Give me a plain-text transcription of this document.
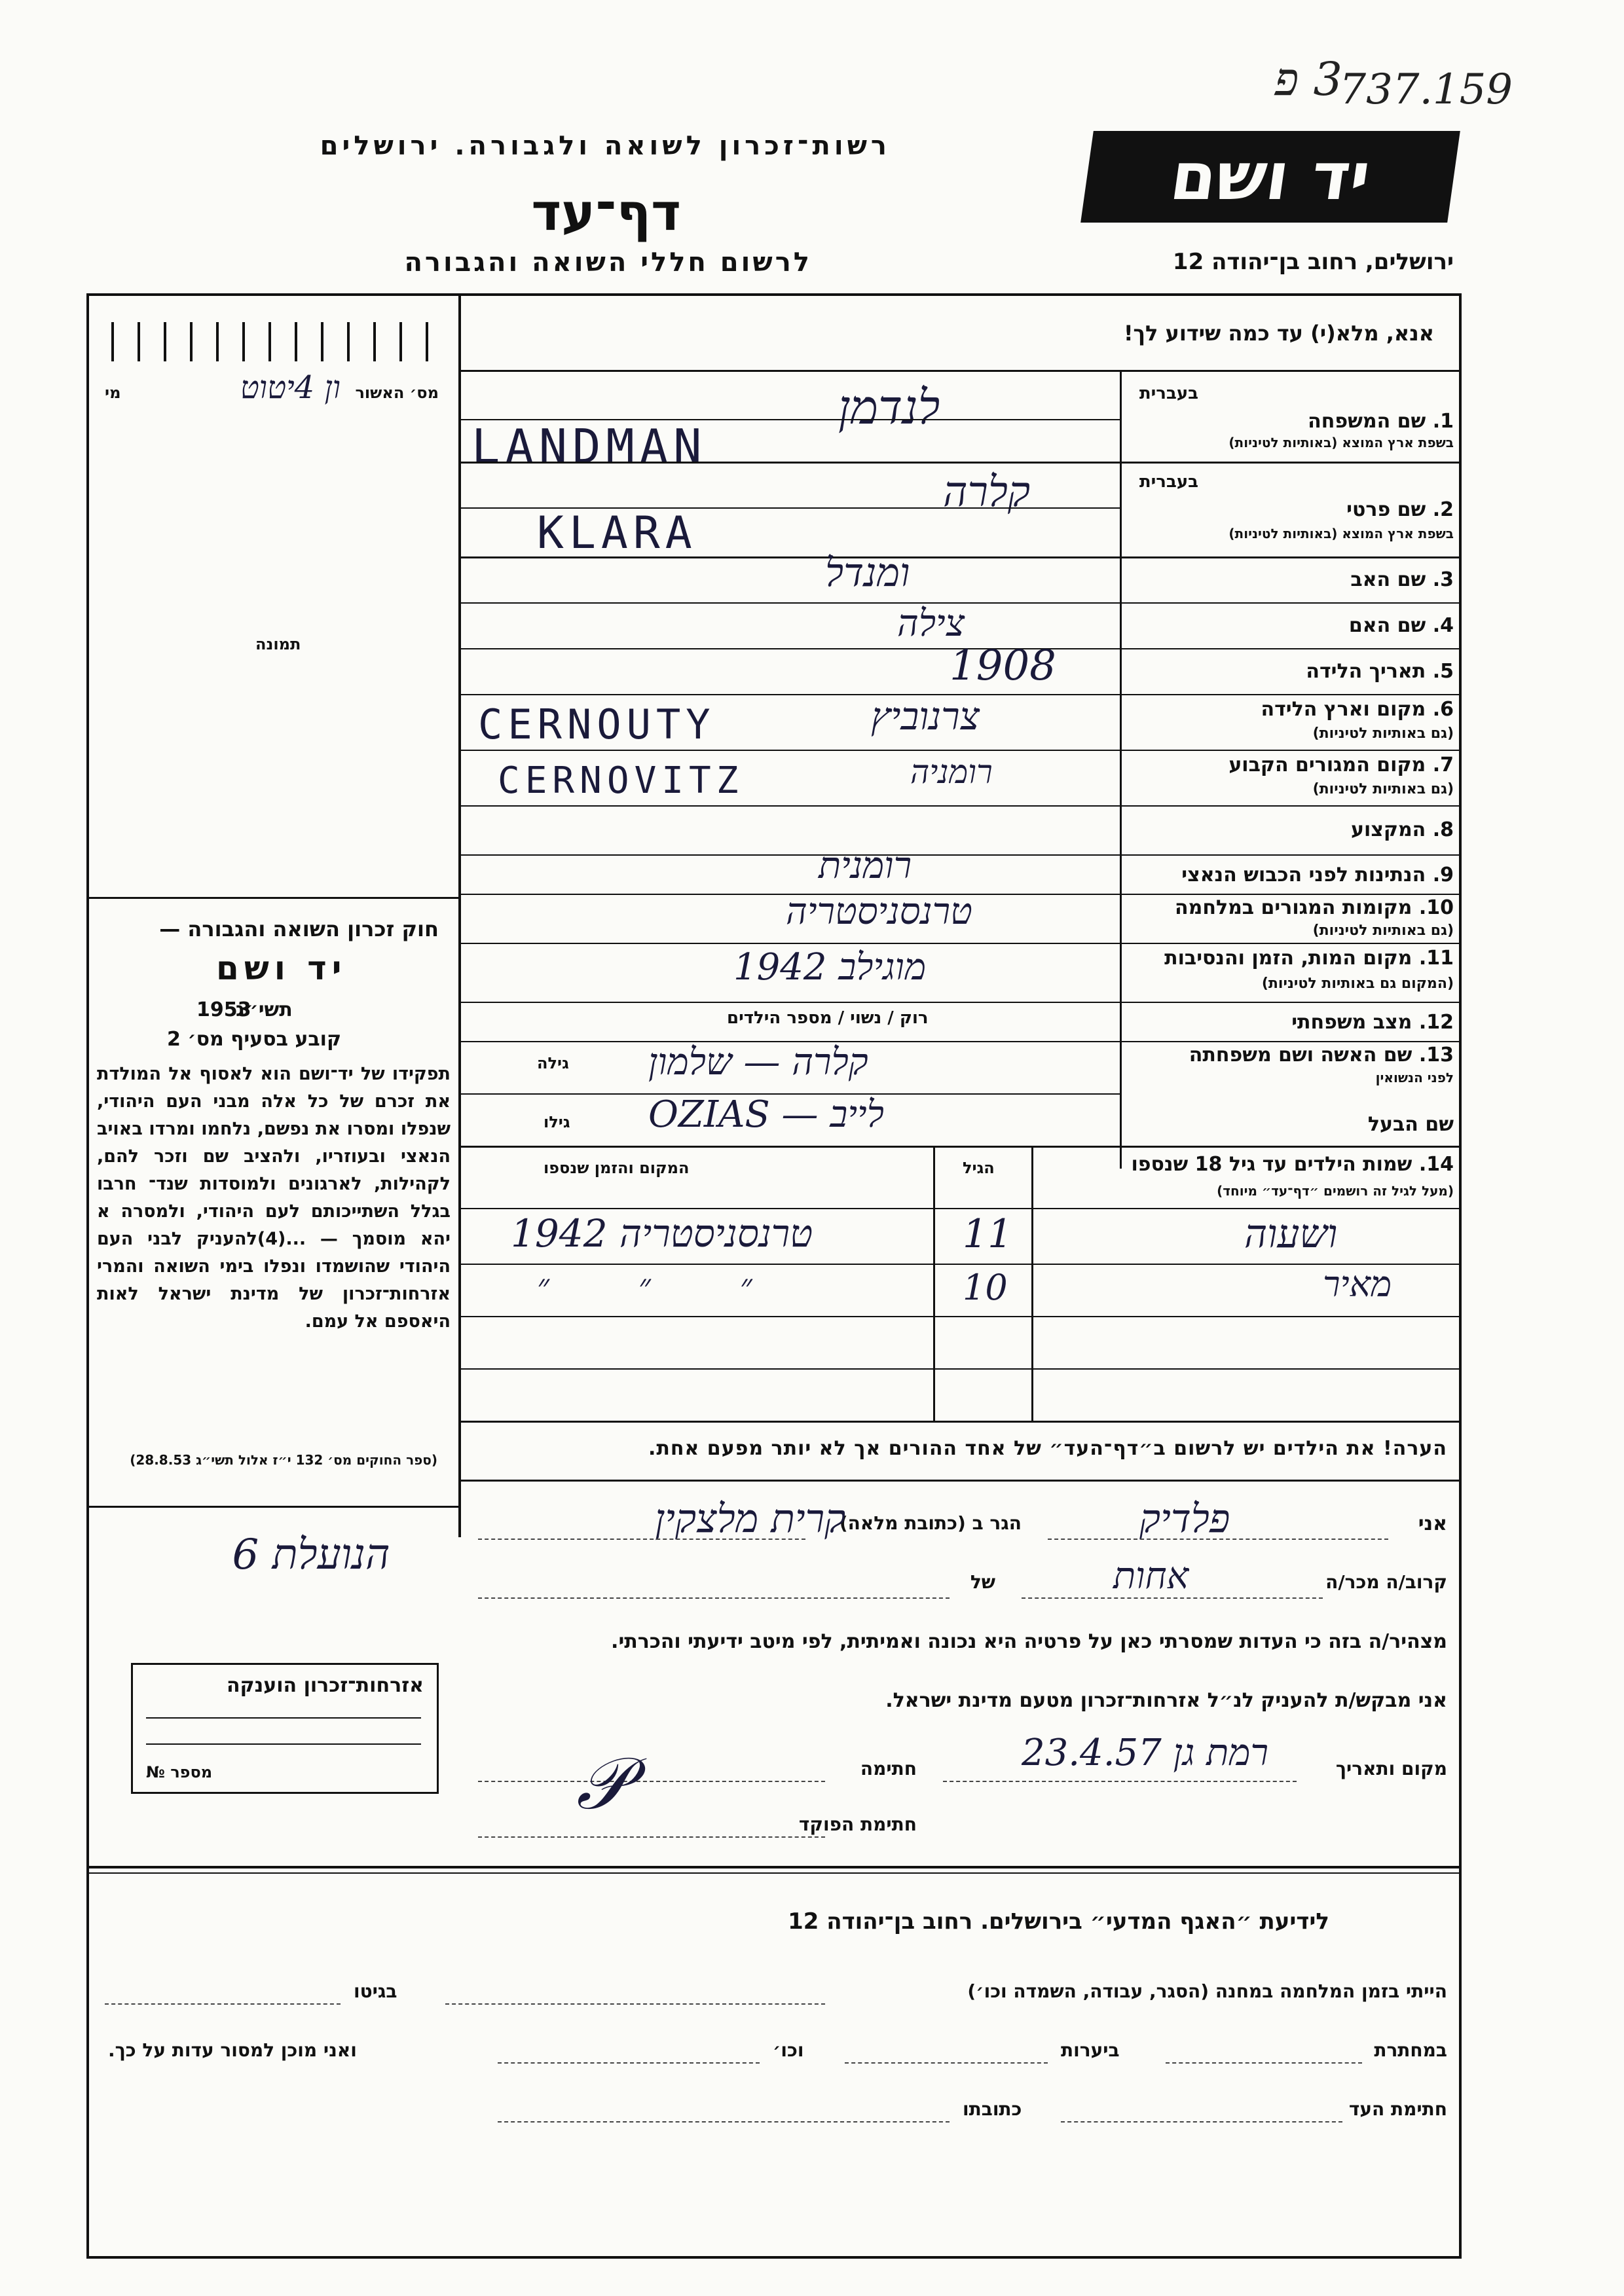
3 פ
737.159
רשות־זכרון לשואה ולגבורה. ירושלים
דף־עד
לרשום חללי השואה והגבורה
יד ושם
ירושלים, רחוב בן־יהודה 12
מס׳ האשור
ון 4יטוט
מי
תמונה
חוק זכרון השואה והגבורה —
יד ושם
תשי״ג
1953
קובע בסעיף מס׳ 2
תפקידו של יד־ושם הוא לאסוף אל המולדת את זכרם של כל אלה מבני העם היהודי, שנפלו ומסרו את נפשם, נלחמו ומרדו באויב הנאצי ובעוזריו, ולהציב שם וזכר להם, לקהילות, לארגונים ולמוסדות שנד־ חרבו בגלל השתייכותם לעם היהודי, ולמסרה א יהא מוסמך — ...(4)להעניק לבני העם היהודי שהושמדו ונפלו בימי השואה והמרי אזרחות־זכרון של מדינת ישראל לאות היאספם אל עמם.
(ספר החוקים מס׳ 132 י״ז אלול תשי״ג 28.8.53)
הנועלת 6
אזרחות־זכרון הוענקה
מספר №
אנא, מלא(י) עד כמה שידוע לך!
בעברית
1. שם המשפחה
בשפת ארץ המוצא (באותיות לטיניות)
לנדמן
LANDMAN
בעברית
2. שם פרטי
בשפת ארץ המוצא (באותיות לטיניות)
קלרה
KLARA
3. שם האב
ומנדל
4. שם האם
צילה
5. תאריך הלידה
1908
6. מקום וארץ הלידה
(גם באותיות לטיניות)
צרנוביץ
CERNOUTY
7. מקום המגורים הקבוע
(גם באותיות לטיניות)
רומניה
CERNOVITZ
8. המקצוע
9. הנתינות לפני הכבוש הנאצי
רומנית
10. מקומות המגורים במלחמה
(גם באותיות לטיניות)
טרנסניסטריה
11. מקום המות, הזמן והנסיבות
(המקום גם באותיות לטיניות)
מוגילב 1942
12. מצב משפחתי
רוק / נשוי / מספר הילדים
13. שם האשה ושם משפחתה
לפני הנשואין
גילה קלרה — שלמון
שם הבעל
גילו לייב — OZIAS
14. שמות הילדים עד גיל 18 שנספו
(מעל לגיל זה רושמים ״דף־עד״ מיוחד)
הגיל
המקום והזמן שנספו
ושעוה
11
טרנסניסטריה 1942
מאיר
10
״ ״ ״
הערה! את הילדים יש לרשום ב״דף־העד״ של אחד ההורים אך לא יותר מפעם אחת.
אני
פלדיק
הגר ב (כתובת מלאה)
קרית מלצקין
קרוב/ה מכר/ה
אחות
של
מצהיר/ה בזה כי העדות שמסרתי כאן על פרטיה היא נכונה ואמיתית, לפי מיטב ידיעתי והכרתי.
אני מבקש/ת להעניק לנ״ל אזרחות־זכרון מטעם מדינת ישראל.
מקום ותאריך
רמת גן 23.4.57
חתימה
𝒫	חתימת הפוקד
לידיעת ״האגף המדעי״ בירושלים. רחוב בן־יהודה 12
הייתי בזמן המלחמה במחנה (הסגר, עבודה, השמדה וכו׳)
בגיטו
במחתרת
ביערות
וכו׳
ואני מוכן למסור עדות על כך.
חתימת העד
כתובתו
